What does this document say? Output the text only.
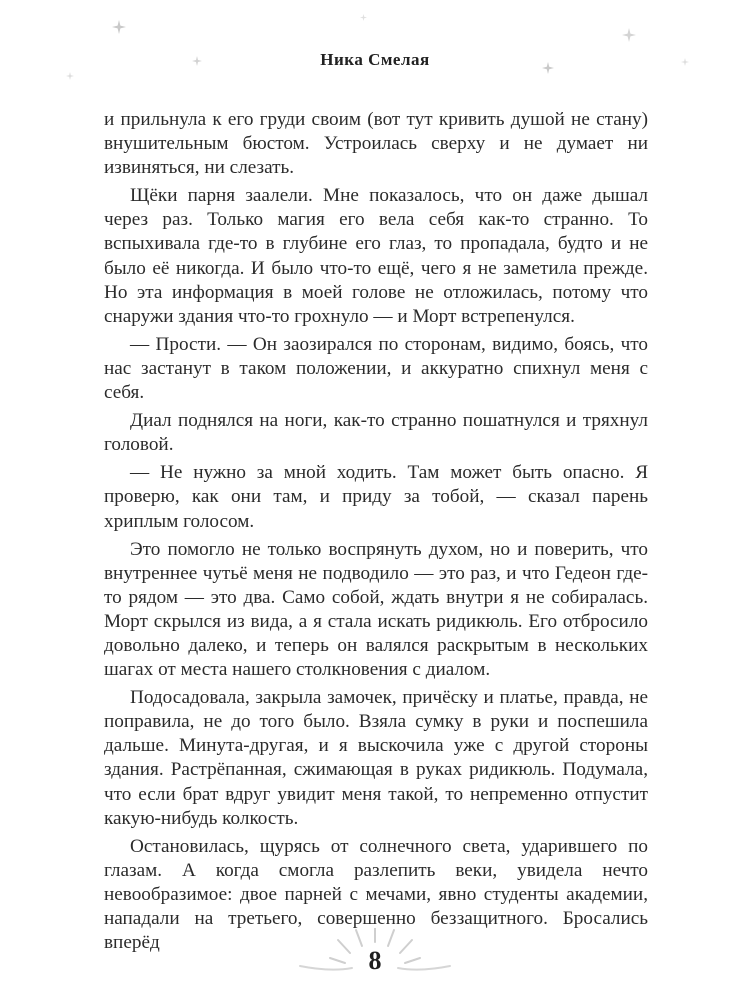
Ника Смелая

и прильнула к его груди своим (вот тут кривить душой не стану) внушительным бюстом. Устроилась сверху и не думает ни извиняться, ни слезать.

Щёки парня заалели. Мне показалось, что он даже дышал через раз. Только магия его вела себя как-то странно. То вспыхивала где-то в глубине его глаз, то пропадала, будто и не было её никогда. И было что-то ещё, чего я не заметила прежде. Но эта информация в моей голове не отложилась, потому что снаружи здания что-то грохнуло — и Морт встрепенулся.

— Прости. — Он заозирался по сторонам, видимо, боясь, что нас застанут в таком положении, и аккуратно спихнул меня с себя.

Диал поднялся на ноги, как-то странно пошатнулся и тряхнул головой.

— Не нужно за мной ходить. Там может быть опасно. Я проверю, как они там, и приду за тобой, — сказал парень хриплым голосом.

Это помогло не только воспрянуть духом, но и поверить, что внутреннее чутьё меня не подводило — это раз, и что Гедеон где-то рядом — это два. Само собой, ждать внутри я не собиралась. Морт скрылся из вида, а я стала искать ридикюль. Его отбросило довольно далеко, и теперь он валялся раскрытым в нескольких шагах от места нашего столкновения с диалом.

Подосадовала, закрыла замочек, причёску и платье, правда, не поправила, не до того было. Взяла сумку в руки и поспешила дальше. Минута-другая, и я выскочила уже с другой стороны здания. Растрёпанная, сжимающая в руках ридикюль. Подумала, что если брат вдруг увидит меня такой, то непременно отпустит какую-нибудь колкость.

Остановилась, щурясь от солнечного света, ударившего по глазам. А когда смогла разлепить веки, увидела нечто невообразимое: двое парней с мечами, явно студенты академии, нападали на третьего, совершенно беззащитного. Бросались вперёд

8
